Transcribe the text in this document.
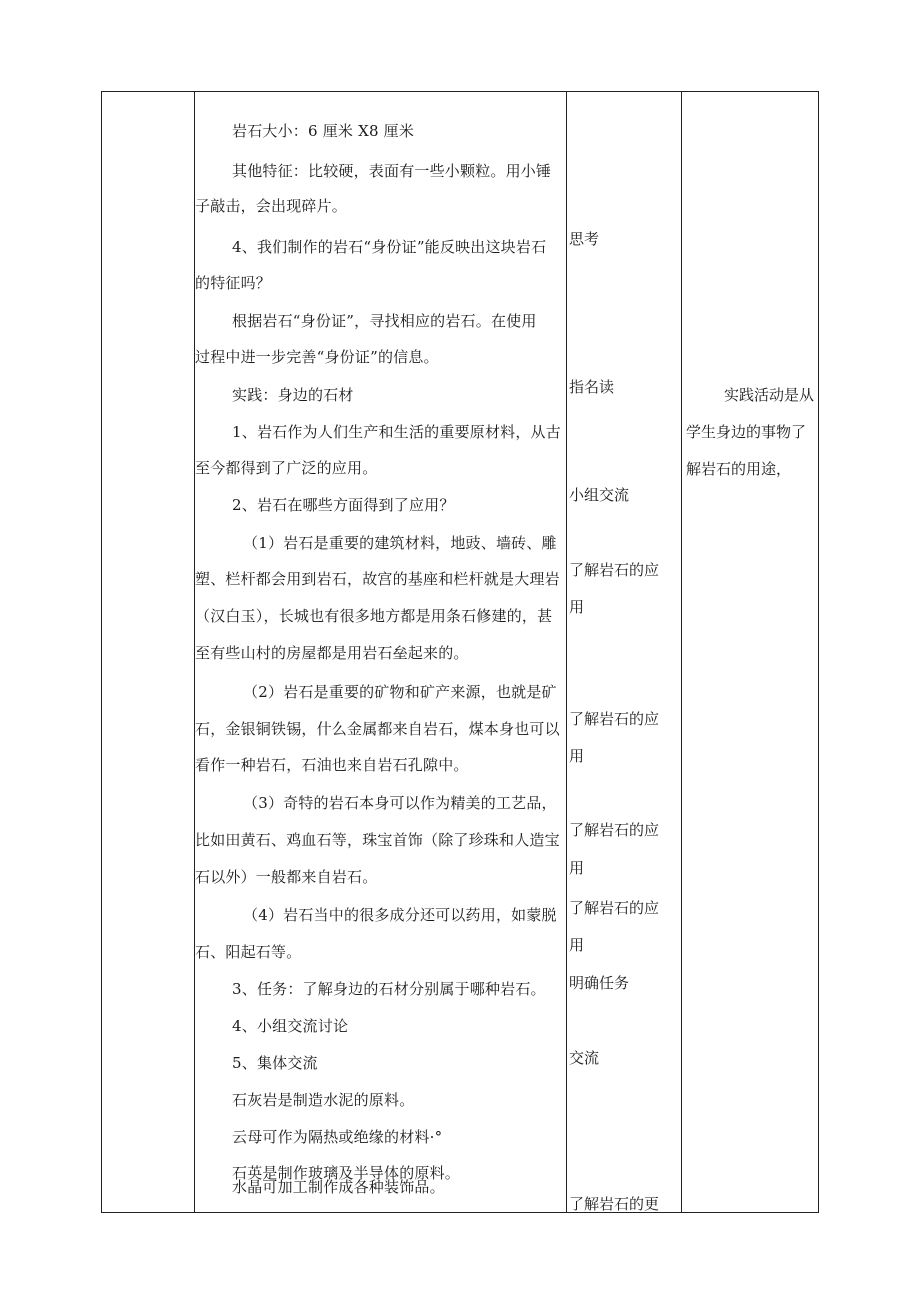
岩石大小：6 厘米 X8 厘米
其他特征：比较硬，表面有一些小颗粒。用小锤
子敲击，会出现碎片。
4、我们制作的岩石“身份证”能反映出这块岩石
的特征吗？
根据岩石“身份证”，寻找相应的岩石。在使用
过程中进一步完善“身份证”的信息。
实践：身边的石材
1、岩石作为人们生产和生活的重要原材料，从古
至今都得到了广泛的应用。
2、岩石在哪些方面得到了应用？
（1）岩石是重要的建筑材料，地豉、墙砖、雕
塑、栏杆都会用到岩石，故宫的基座和栏杆就是大理岩
（汉白玉），长城也有很多地方都是用条石修建的，甚
至有些山村的房屋都是用岩石垒起来的。
（2）岩石是重要的矿物和矿产来源，也就是矿
石，金银铜铁锡，什么金属都来自岩石，煤本身也可以
看作一种岩石，石油也来自岩石孔隙中。
（3）奇特的岩石本身可以作为精美的工艺品，
比如田黄石、鸡血石等，珠宝首饰（除了珍珠和人造宝
石以外）一般都来自岩石。
（4）岩石当中的很多成分还可以药用，如蒙脱
石、阳起石等。
3、任务：了解身边的石材分别属于哪种岩石。
4、小组交流讨论
5、集体交流
石灰岩是制造水泥的原料。
云母可作为隔热或绝缘的材料·°
石英是制作玻璃及半导体的原料。
水晶可加工制作成各种装饰品。
思考
指名读
小组交流
了解岩石的应
用
了解岩石的应
用
了解岩石的应
用
了解岩石的应
用
明确任务
交流
了解岩石的更
实践活动是从
学生身边的事物了
解岩石的用途，
